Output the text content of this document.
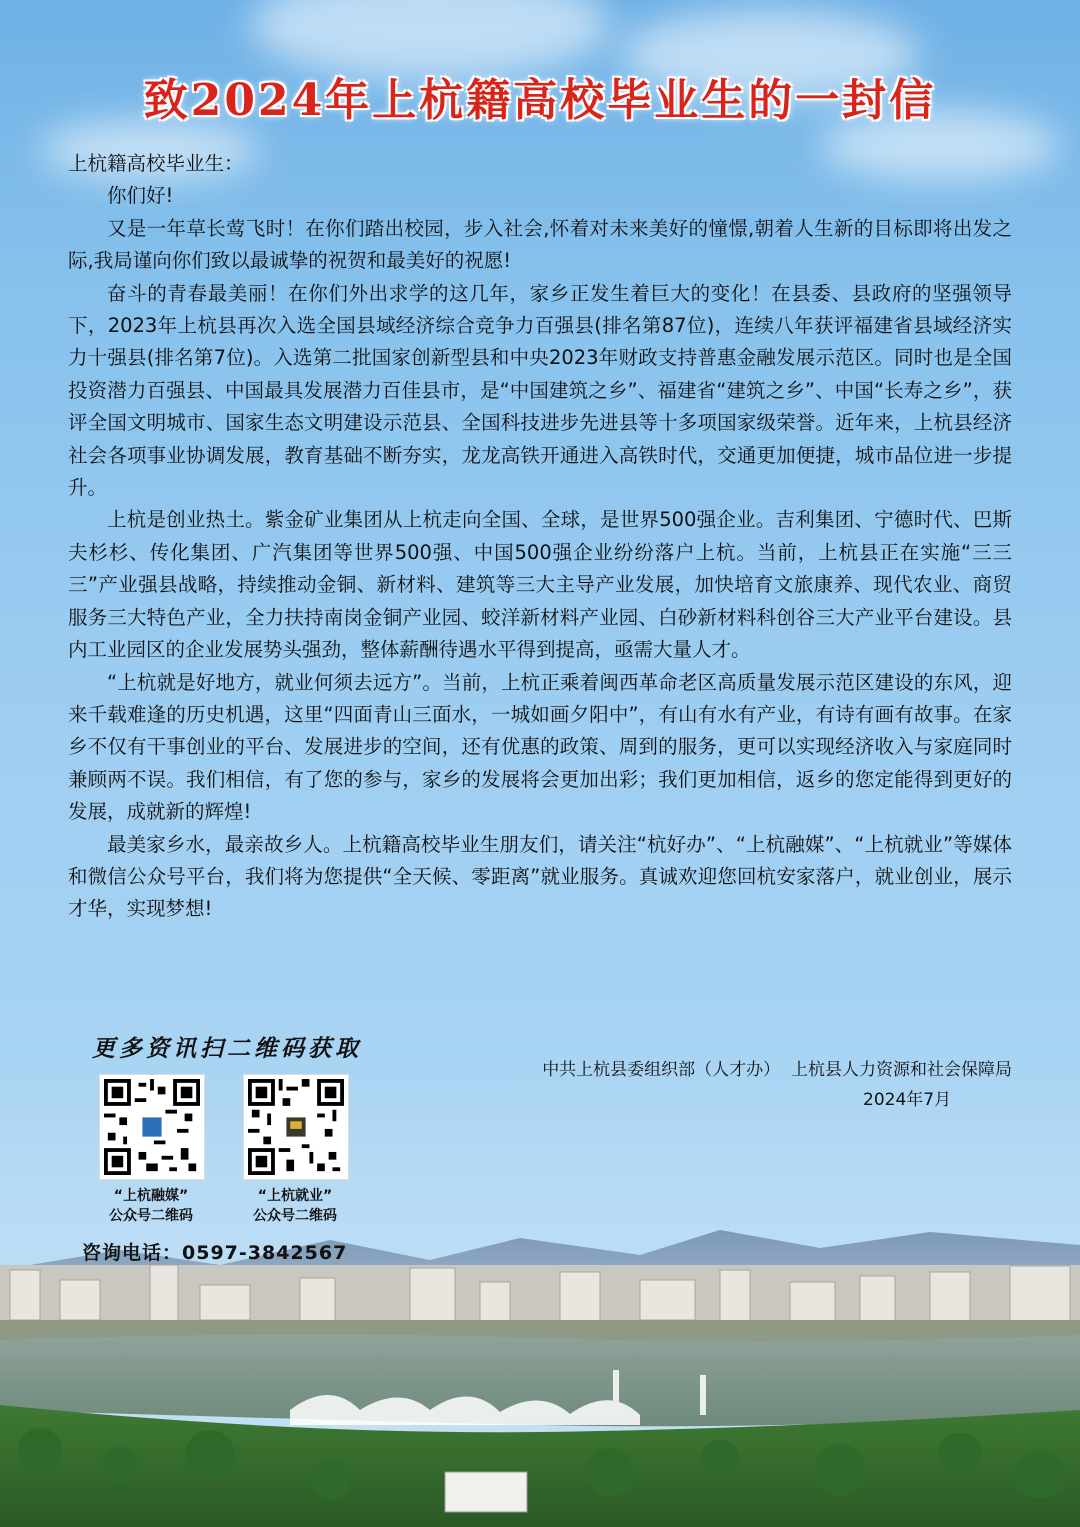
致2024年上杭籍高校毕业生的一封信

上杭籍高校毕业生：

你们好!

又是一年草长莺飞时！在你们踏出校园，步入社会,怀着对未来美好的憧憬,朝着人生新的目标即将出发之际,我局谨向你们致以最诚挚的祝贺和最美好的祝愿!

奋斗的青春最美丽！在你们外出求学的这几年，家乡正发生着巨大的变化！在县委、县政府的坚强领导下，2023年上杭县再次入选全国县域经济综合竞争力百强县(排名第87位)，连续八年获评福建省县域经济实力十强县(排名第7位)。入选第二批国家创新型县和中央2023年财政支持普惠金融发展示范区。同时也是全国投资潜力百强县、中国最具发展潜力百佳县市，是“中国建筑之乡”、福建省“建筑之乡”、中国“长寿之乡”，获评全国文明城市、国家生态文明建设示范县、全国科技进步先进县等十多项国家级荣誉。近年来，上杭县经济社会各项事业协调发展，教育基础不断夯实，龙龙高铁开通进入高铁时代，交通更加便捷，城市品位进一步提升。

上杭是创业热土。紫金矿业集团从上杭走向全国、全球，是世界500强企业。吉利集团、宁德时代、巴斯夫杉杉、传化集团、广汽集团等世界500强、中国500强企业纷纷落户上杭。当前，上杭县正在实施“三三三”产业强县战略，持续推动金铜、新材料、建筑等三大主导产业发展，加快培育文旅康养、现代农业、商贸服务三大特色产业，全力扶持南岗金铜产业园、蛟洋新材料产业园、白砂新材料科创谷三大产业平台建设。县内工业园区的企业发展势头强劲，整体薪酬待遇水平得到提高，亟需大量人才。

“上杭就是好地方，就业何须去远方”。当前，上杭正乘着闽西革命老区高质量发展示范区建设的东风，迎来千载难逢的历史机遇，这里“四面青山三面水，一城如画夕阳中”，有山有水有产业，有诗有画有故事。在家乡不仅有干事创业的平台、发展进步的空间，还有优惠的政策、周到的服务，更可以实现经济收入与家庭同时兼顾两不误。我们相信，有了您的参与，家乡的发展将会更加出彩；我们更加相信，返乡的您定能得到更好的发展，成就新的辉煌!

最美家乡水，最亲故乡人。上杭籍高校毕业生朋友们，请关注“杭好办”、“上杭融媒”、“上杭就业”等媒体和微信公众号平台，我们将为您提供“全天候、零距离”就业服务。真诚欢迎您回杭安家落户，就业创业，展示才华，实现梦想!

更多资讯扫二维码获取
“上杭融媒”
公众号二维码
“上杭就业”
公众号二维码
中共上杭县委组织部（人才办）  上杭县人力资源和社会保障局
2024年7月
咨询电话：0597-3842567
